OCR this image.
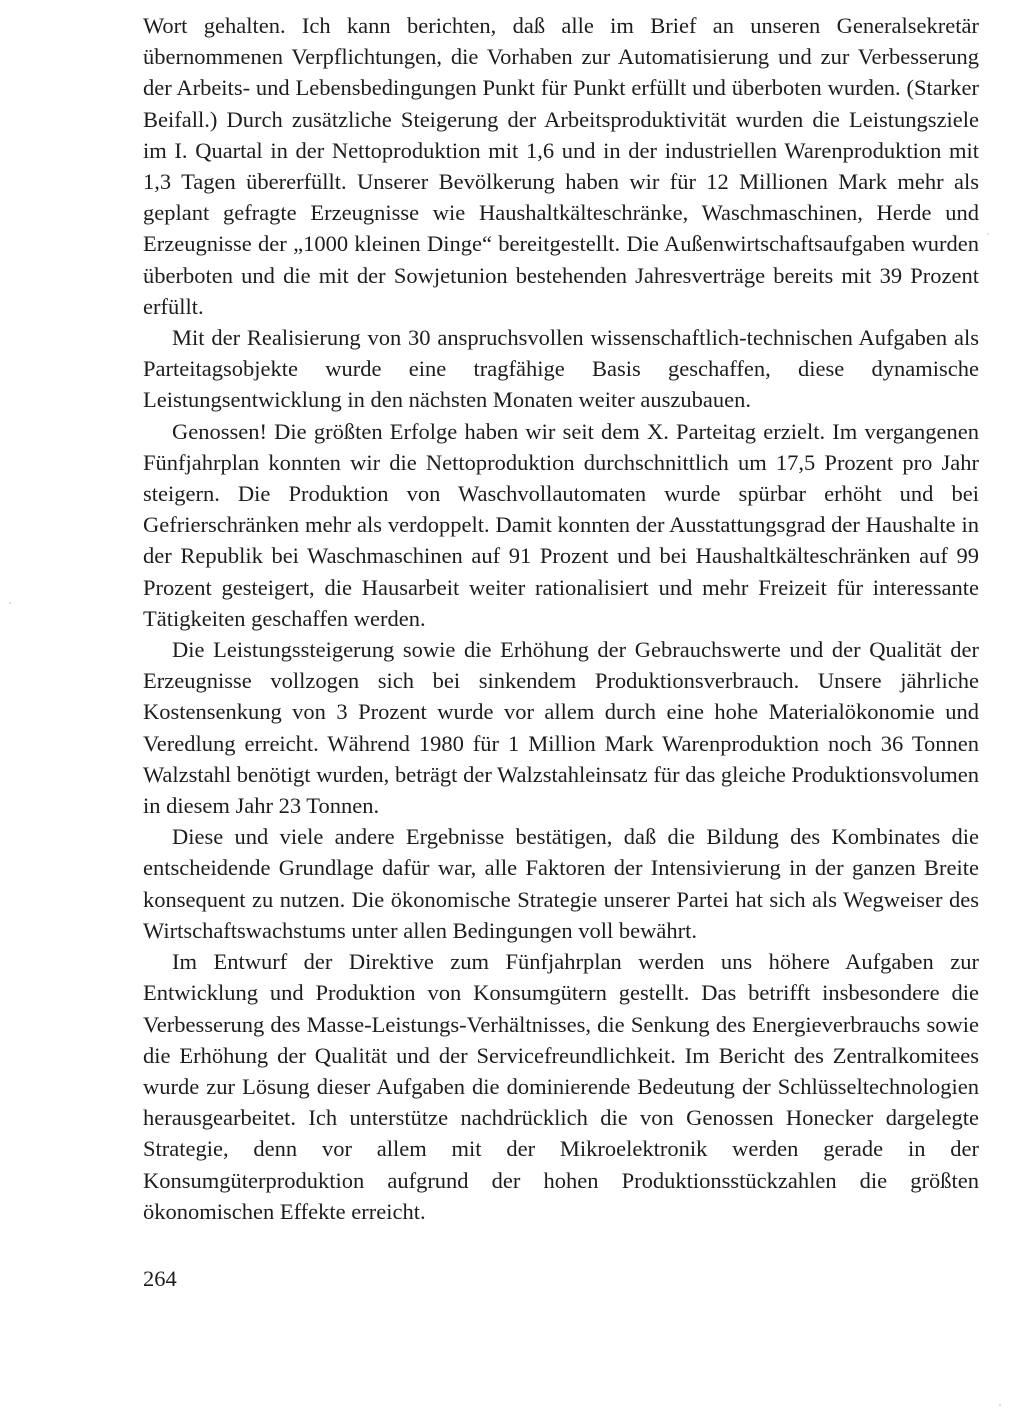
Wort gehalten. Ich kann berichten, daß alle im Brief an unseren Generalsekretär übernommenen Verpflichtungen, die Vorhaben zur Automatisierung und zur Verbesserung der Arbeits- und Lebensbedingungen Punkt für Punkt erfüllt und überboten wurden. (Starker Beifall.) Durch zusätzliche Steigerung der Arbeitsproduktivität wurden die Leistungsziele im I. Quartal in der Nettoproduktion mit 1,6 und in der industriellen Warenproduktion mit 1,3 Tagen übererfüllt. Unserer Bevölkerung haben wir für 12 Millionen Mark mehr als geplant gefragte Erzeugnisse wie Haushaltkälteschränke, Waschmaschinen, Herde und Erzeugnisse der „1000 kleinen Dinge“ bereitgestellt. Die Außenwirtschaftsaufgaben wurden überboten und die mit der Sowjetunion bestehenden Jahresverträge bereits mit 39 Prozent erfüllt.

Mit der Realisierung von 30 anspruchsvollen wissenschaftlich-technischen Aufgaben als Parteitagsobjekte wurde eine tragfähige Basis geschaffen, diese dynamische Leistungsentwicklung in den nächsten Monaten weiter auszubauen.

Genossen! Die größten Erfolge haben wir seit dem X. Parteitag erzielt. Im vergangenen Fünfjahrplan konnten wir die Nettoproduktion durchschnittlich um 17,5 Prozent pro Jahr steigern. Die Produktion von Waschvollautomaten wurde spürbar erhöht und bei Gefrierschränken mehr als verdoppelt. Damit konnten der Ausstattungsgrad der Haushalte in der Republik bei Waschmaschinen auf 91 Prozent und bei Haushaltkälteschränken auf 99 Prozent gesteigert, die Hausarbeit weiter rationalisiert und mehr Freizeit für interessante Tätigkeiten geschaffen werden.

Die Leistungssteigerung sowie die Erhöhung der Gebrauchswerte und der Qualität der Erzeugnisse vollzogen sich bei sinkendem Produktionsverbrauch. Unsere jährliche Kostensenkung von 3 Prozent wurde vor allem durch eine hohe Materialökonomie und Veredlung erreicht. Während 1980 für 1 Million Mark Warenproduktion noch 36 Tonnen Walzstahl benötigt wurden, beträgt der Walzstahleinsatz für das gleiche Produktionsvolumen in diesem Jahr 23 Tonnen.

Diese und viele andere Ergebnisse bestätigen, daß die Bildung des Kombinates die entscheidende Grundlage dafür war, alle Faktoren der Intensivierung in der ganzen Breite konsequent zu nutzen. Die ökonomische Strategie unserer Partei hat sich als Wegweiser des Wirtschaftswachstums unter allen Bedingungen voll bewährt.

Im Entwurf der Direktive zum Fünfjahrplan werden uns höhere Aufgaben zur Entwicklung und Produktion von Konsumgütern gestellt. Das betrifft insbesondere die Verbesserung des Masse-Leistungs-Verhältnisses, die Senkung des Energieverbrauchs sowie die Erhöhung der Qualität und der Servicefreundlichkeit. Im Bericht des Zentralkomitees wurde zur Lösung dieser Aufgaben die dominierende Bedeutung der Schlüsseltechnologien herausgearbeitet. Ich unterstütze nachdrücklich die von Genossen Honecker dargelegte Strategie, denn vor allem mit der Mikroelektronik werden gerade in der Konsumgüterproduktion aufgrund der hohen Produktionsstückzahlen die größten ökonomischen Effekte erreicht.

264
